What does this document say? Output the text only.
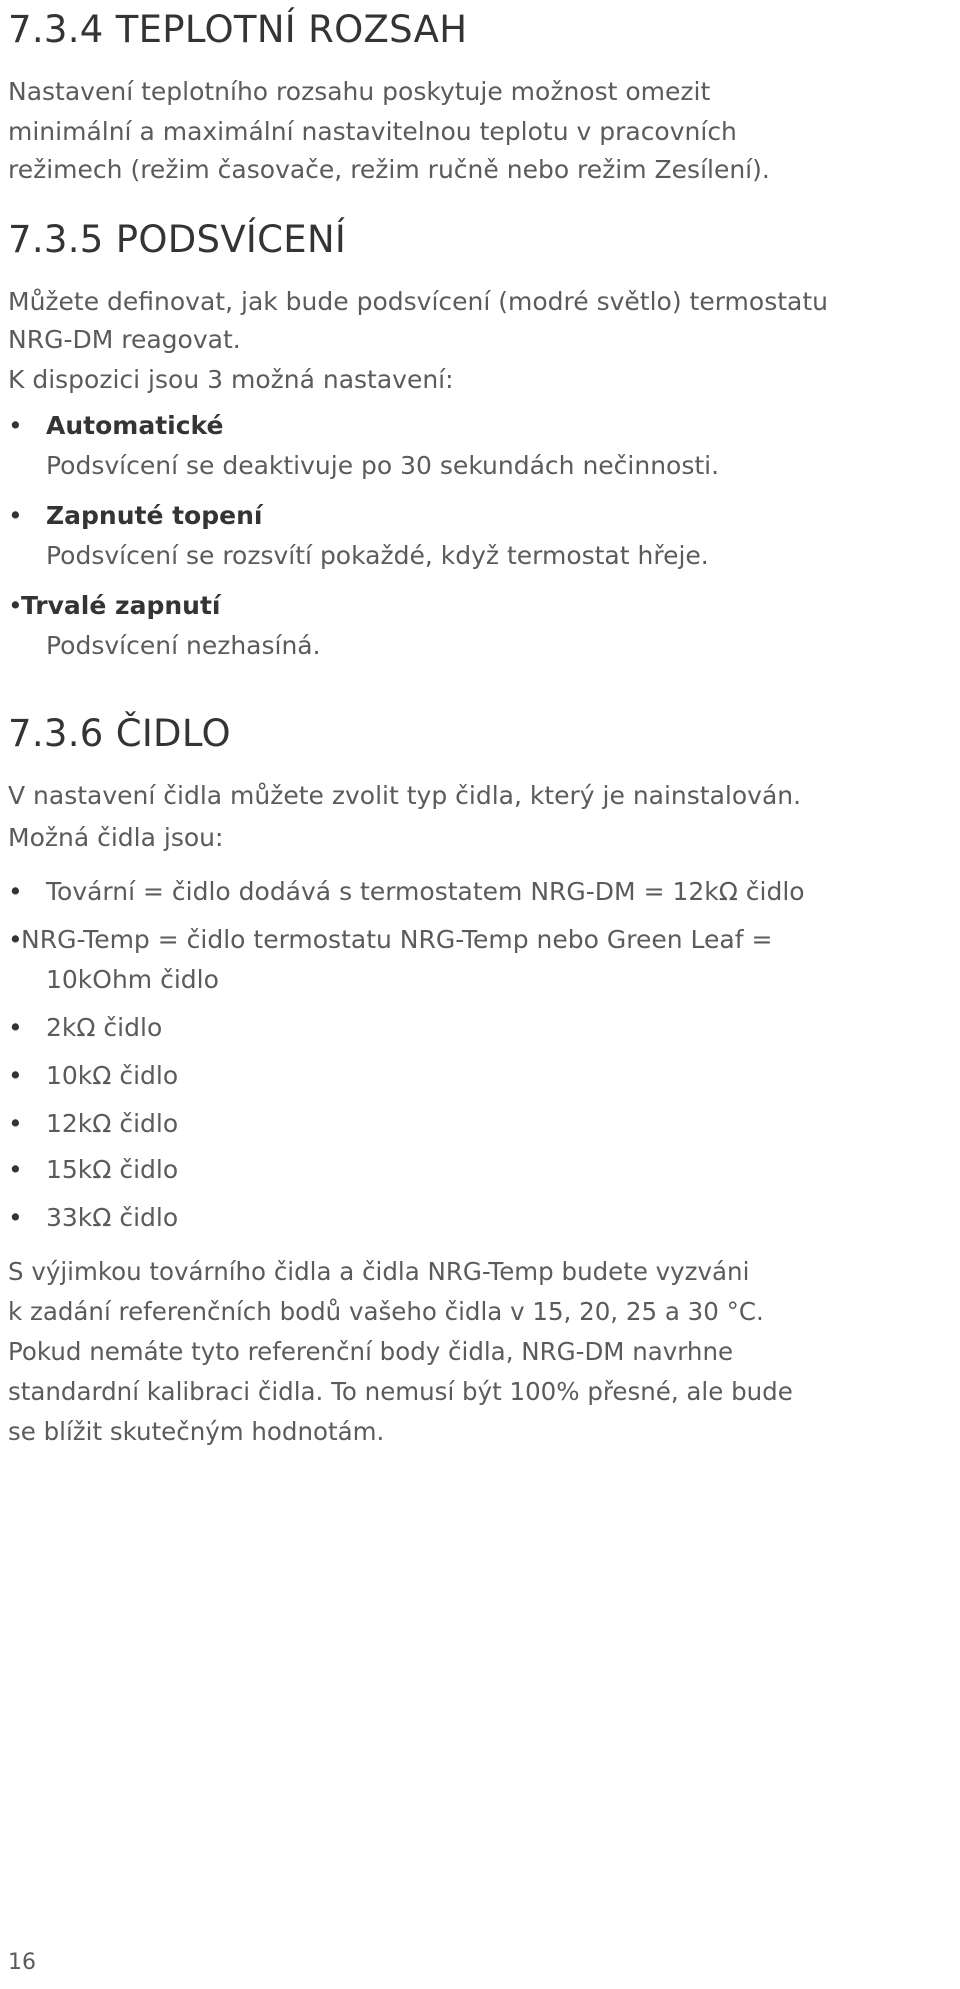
7.3.4 TEPLOTNÍ ROZSAH
Nastavení teplotního rozsahu poskytuje možnost omezit
minimální a maximální nastavitelnou teplotu v pracovních
režimech (režim časovače, režim ručně nebo režim Zesílení).
7.3.5 PODSVÍCENÍ
Můžete definovat, jak bude podsvícení (modré světlo) termostatu
NRG-DM reagovat.
K dispozici jsou 3 možná nastavení:
• Automatické
Podsvícení se deaktivuje po 30 sekundách nečinnosti.
• Zapnuté topení
Podsvícení se rozsvítí pokaždé, když termostat hřeje.
•Trvalé zapnutí
Podsvícení nezhasíná.
7.3.6 ČIDLO
V nastavení čidla můžete zvolit typ čidla, který je nainstalován.
Možná čidla jsou:
• Tovární = čidlo dodává s termostatem NRG-DM = 12kΩ čidlo
•NRG-Temp = čidlo termostatu NRG-Temp nebo Green Leaf =
10kOhm čidlo
• 2kΩ čidlo
• 10kΩ čidlo
• 12kΩ čidlo
• 15kΩ čidlo
• 33kΩ čidlo
S výjimkou továrního čidla a čidla NRG-Temp budete vyzváni
k zadání referenčních bodů vašeho čidla v 15, 20, 25 a 30 °C.
Pokud nemáte tyto referenční body čidla, NRG-DM navrhne
standardní kalibraci čidla. To nemusí být 100% přesné, ale bude
se blížit skutečným hodnotám.
16
